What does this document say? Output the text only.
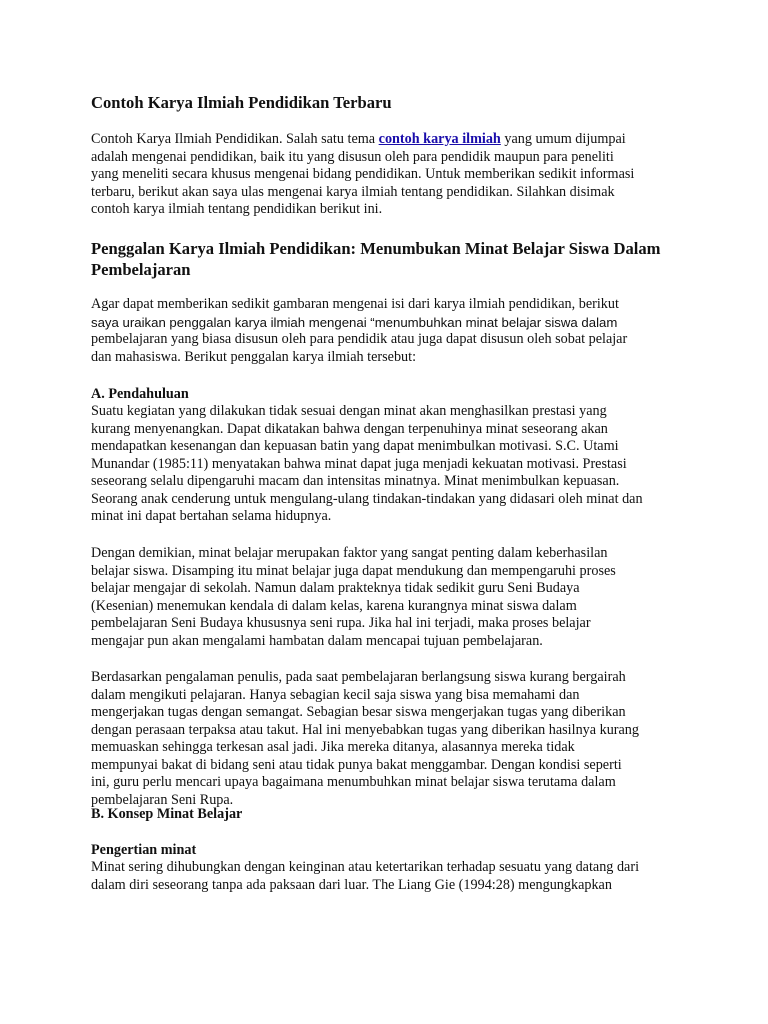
Contoh Karya Ilmiah Pendidikan Terbaru
Contoh Karya Ilmiah Pendidikan. Salah satu tema contoh karya ilmiah yang umum dijumpai
adalah mengenai pendidikan, baik itu yang disusun oleh para pendidik maupun para peneliti
yang meneliti secara khusus mengenai bidang pendidikan. Untuk memberikan sedikit informasi
terbaru, berikut akan saya ulas mengenai karya ilmiah tentang pendidikan. Silahkan disimak
contoh karya ilmiah tentang pendidikan berikut ini.
Penggalan Karya Ilmiah Pendidikan: Menumbukan Minat Belajar Siswa Dalam
Pembelajaran
Agar dapat memberikan sedikit gambaran mengenai isi dari karya ilmiah pendidikan, berikut
saya uraikan penggalan karya ilmiah mengenai “menumbuhkan minat belajar siswa dalam
pembelajaran yang biasa disusun oleh para pendidik atau juga dapat disusun oleh sobat pelajar
dan mahasiswa. Berikut penggalan karya ilmiah tersebut:
A. Pendahuluan
Suatu kegiatan yang dilakukan tidak sesuai dengan minat akan menghasilkan prestasi yang
kurang menyenangkan. Dapat dikatakan bahwa dengan terpenuhinya minat seseorang akan
mendapatkan kesenangan dan kepuasan batin yang dapat menimbulkan motivasi. S.C. Utami
Munandar (1985:11) menyatakan bahwa minat dapat juga menjadi kekuatan motivasi. Prestasi
seseorang selalu dipengaruhi macam dan intensitas minatnya. Minat menimbulkan kepuasan.
Seorang anak cenderung untuk mengulang-ulang tindakan-tindakan yang didasari oleh minat dan
minat ini dapat bertahan selama hidupnya.
Dengan demikian, minat belajar merupakan faktor yang sangat penting dalam keberhasilan
belajar siswa. Disamping itu minat belajar juga dapat mendukung dan mempengaruhi proses
belajar mengajar di sekolah. Namun dalam prakteknya tidak sedikit guru Seni Budaya
(Kesenian) menemukan kendala di dalam kelas, karena kurangnya minat siswa dalam
pembelajaran Seni Budaya khususnya seni rupa. Jika hal ini terjadi, maka proses belajar
mengajar pun akan mengalami hambatan dalam mencapai tujuan pembelajaran.
Berdasarkan pengalaman penulis, pada saat pembelajaran berlangsung siswa kurang bergairah
dalam mengikuti pelajaran. Hanya sebagian kecil saja siswa yang bisa memahami dan
mengerjakan tugas dengan semangat. Sebagian besar siswa mengerjakan tugas yang diberikan
dengan perasaan terpaksa atau takut. Hal ini menyebabkan tugas yang diberikan hasilnya kurang
memuaskan sehingga terkesan asal jadi. Jika mereka ditanya, alasannya mereka tidak
mempunyai bakat di bidang seni atau tidak punya bakat menggambar. Dengan kondisi seperti
ini, guru perlu mencari upaya bagaimana menumbuhkan minat belajar siswa terutama dalam
pembelajaran Seni Rupa.
B. Konsep Minat Belajar
Pengertian minat
Minat sering dihubungkan dengan keinginan atau ketertarikan terhadap sesuatu yang datang dari
dalam diri seseorang tanpa ada paksaan dari luar. The Liang Gie (1994:28) mengungkapkan
